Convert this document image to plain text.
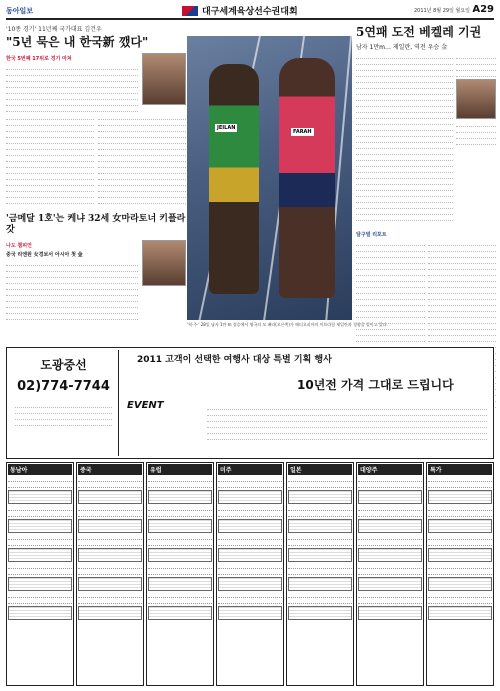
동아일보	대구세계육상선수권대회	2011년 8월 29일 월요일 A29
'10종 경기' 11년째 국가대표 김건우
"5년 묵은 내 한국新 깼다"
한국 5번째 17위로 경기 마쳐
'금메달 1호'는 케냐 32세 女마라토너 키플라갓
나도 챔피언
중국 리엔원 女경보서 아시아 첫 金
JEILAN
FARAH
'역·주·' 28일 남자 1만 m 결승에서 영국의 모 패라(오른쪽)가 에티오피아의 이브라힘 제일란과 경합을 벌이고 있다.
5연패 도전 베켈레 기권
남자 1만m… 제일란, 역전 우승 金
달구벌 리포트
도광중선
02)774-7744
2011 고객이 선택한 여행사 대상 특별 기획 행사
10년전 가격 그대로 드립니다
EVENT
동남아	중국	유럽	미주	일본	대양주	특가
